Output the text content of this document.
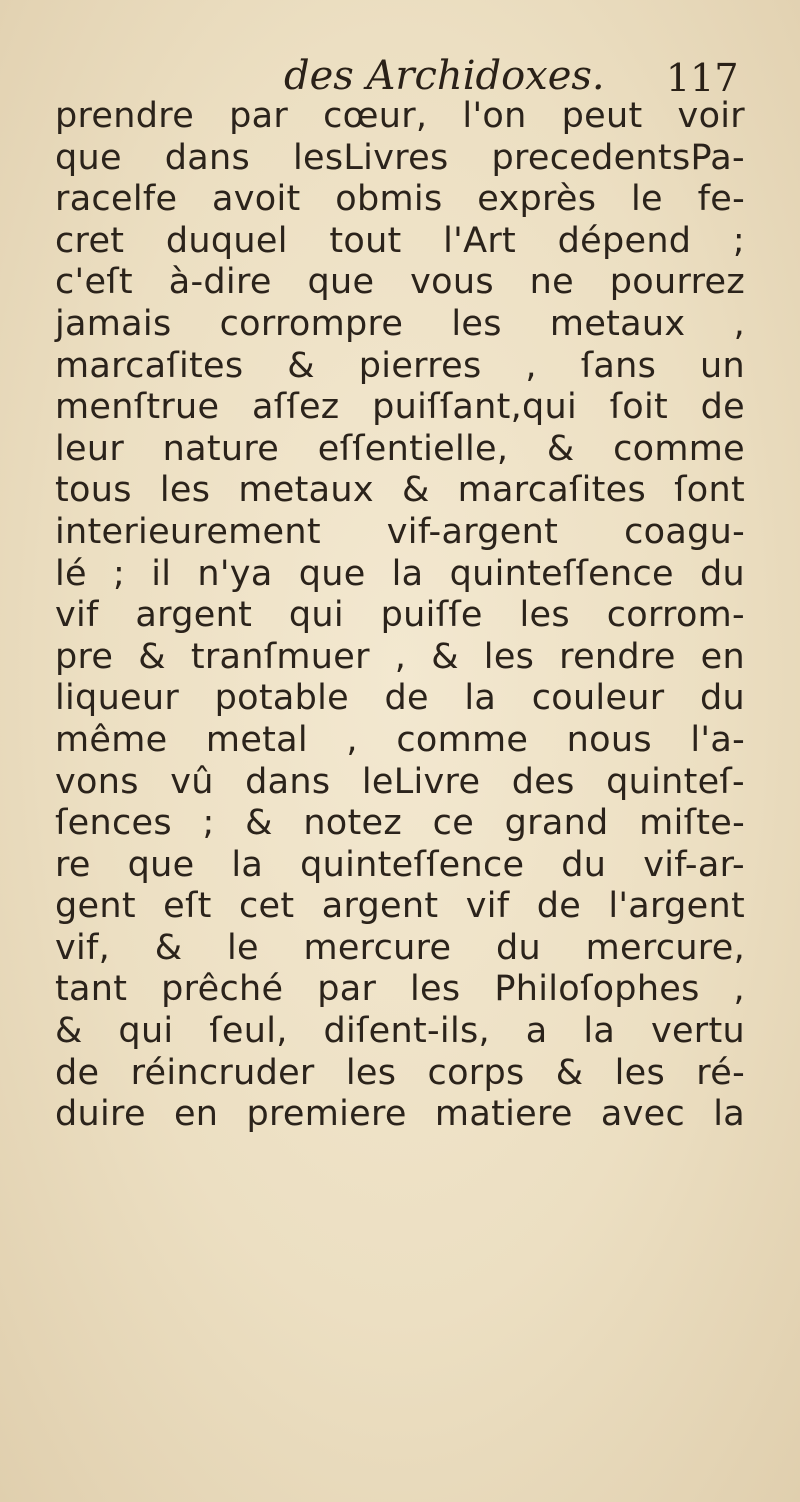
des Archidoxes. 117
prendre par cœur, l'on peut voir
que dans lesLivres precedentsPa-
racelfe avoit obmis exprès le fe-
cret duquel tout l'Art dépend ;
c'eſt à-dire que vous ne pourrez
jamais corrompre les metaux ,
marcaſites & pierres , ſans un
menſtrue aſſez puiſſant,qui ſoit de
leur nature eſſentielle, & comme
tous les metaux & marcaſites ſont
interieurement vif-argent coagu-
lé ; il n'ya que la quinteſſence du
vif argent qui puiſſe les corrom-
pre & tranſmuer , & les rendre en
liqueur potable de la couleur du
même metal , comme nous l'a-
vons vû dans leLivre des quinteſ-
ſences ; & notez ce grand miſte-
re que la quinteſſence du vif-ar-
gent eſt cet argent vif de l'argent
vif, & le mercure du mercure,
tant prêché par les Philoſophes ,
& qui ſeul, diſent-ils, a la vertu
de réincruder les corps & les ré-
duire en premiere matiere avec la
